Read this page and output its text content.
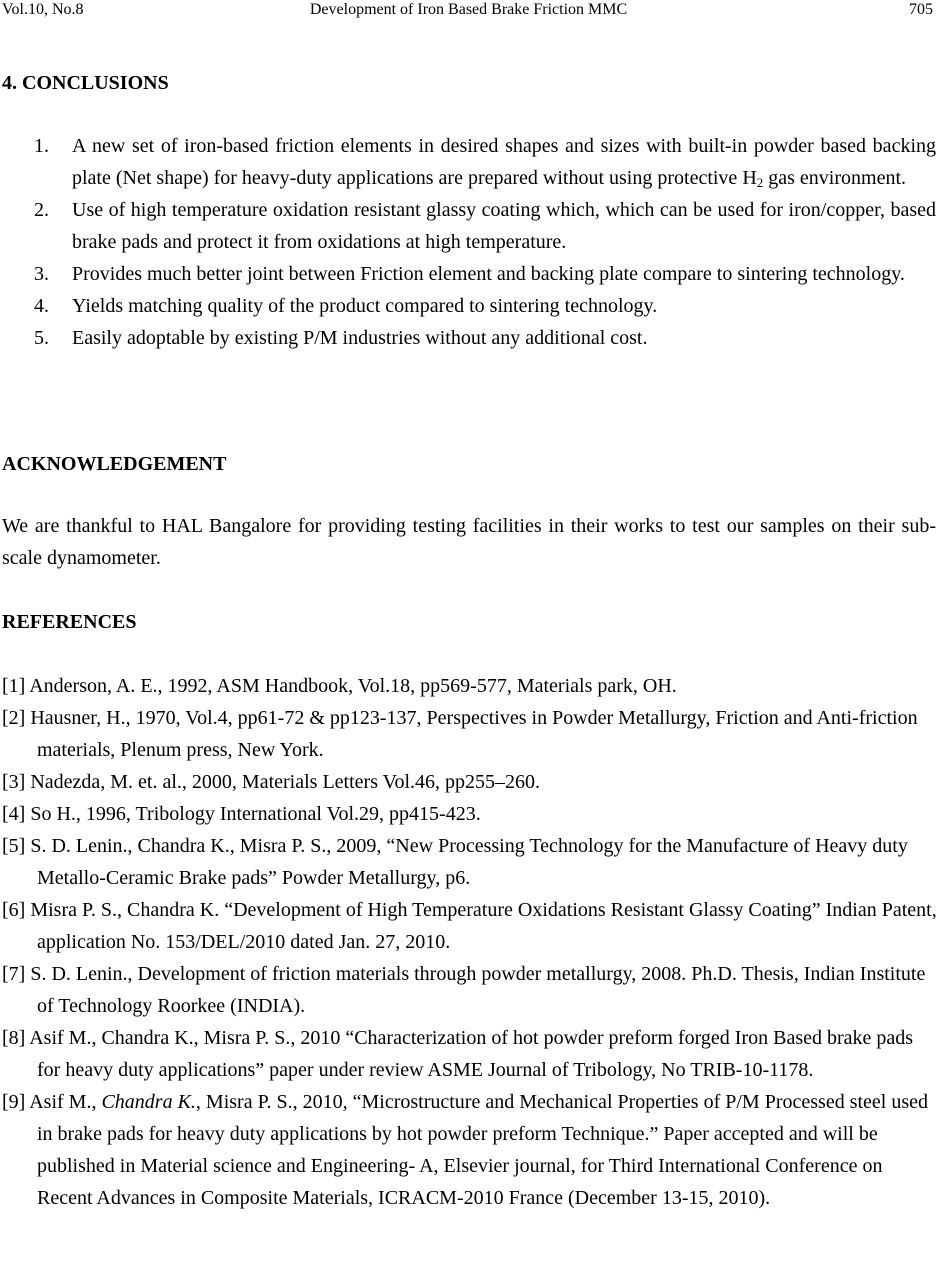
Vol.10, No.8	Development of Iron Based Brake Friction MMC	705
4. CONCLUSIONS
1. A new set of iron-based friction elements in desired shapes and sizes with built-in powder based backing plate (Net shape) for heavy-duty applications are prepared without using protective $H_2$ gas environment.
2. Use of high temperature oxidation resistant glassy coating which, which can be used for iron/copper, based brake pads and protect it from oxidations at high temperature.
3. Provides much better joint between Friction element and backing plate compare to sintering technology.
4. Yields matching quality of the product compared to sintering technology.
5. Easily adoptable by existing P/M industries without any additional cost.
ACKNOWLEDGEMENT

We are thankful to HAL Bangalore for providing testing facilities in their works to test our samples on their sub-scale dynamometer.

REFERENCES
[1] Anderson, A. E., 1992, ASM Handbook, Vol.18, pp569-577, Materials park, OH.
[2] Hausner, H., 1970, Vol.4, pp61-72 & pp123-137, Perspectives in Powder Metallurgy, Friction and Anti-friction materials, Plenum press, New York.
[3] Nadezda, M. et. al., 2000, Materials Letters Vol.46, pp255–260.
[4] So H., 1996, Tribology International Vol.29, pp415-423.
[5] S. D. Lenin., Chandra K., Misra P. S., 2009, “New Processing Technology for the Manufacture of Heavy duty Metallo-Ceramic Brake pads” Powder Metallurgy, p6.
[6] Misra P. S., Chandra K. “Development of High Temperature Oxidations Resistant Glassy Coating” Indian Patent, application No. 153/DEL/2010 dated Jan. 27, 2010.
[7] S. D. Lenin., Development of friction materials through powder metallurgy, 2008. Ph.D. Thesis, Indian Institute of Technology Roorkee (INDIA).
[8] Asif M., Chandra K., Misra P. S., 2010 “Characterization of hot powder preform forged Iron Based brake pads for heavy duty applications” paper under review ASME Journal of Tribology, No TRIB-10-1178.
[9] Asif M., Chandra K., Misra P. S., 2010, “Microstructure and Mechanical Properties of P/M Processed steel used in brake pads for heavy duty applications by hot powder preform Technique.” Paper accepted and will be published in Material science and Engineering- A, Elsevier journal, for Third International Conference on Recent Advances in Composite Materials, ICRACM-2010 France (December 13-15, 2010).
